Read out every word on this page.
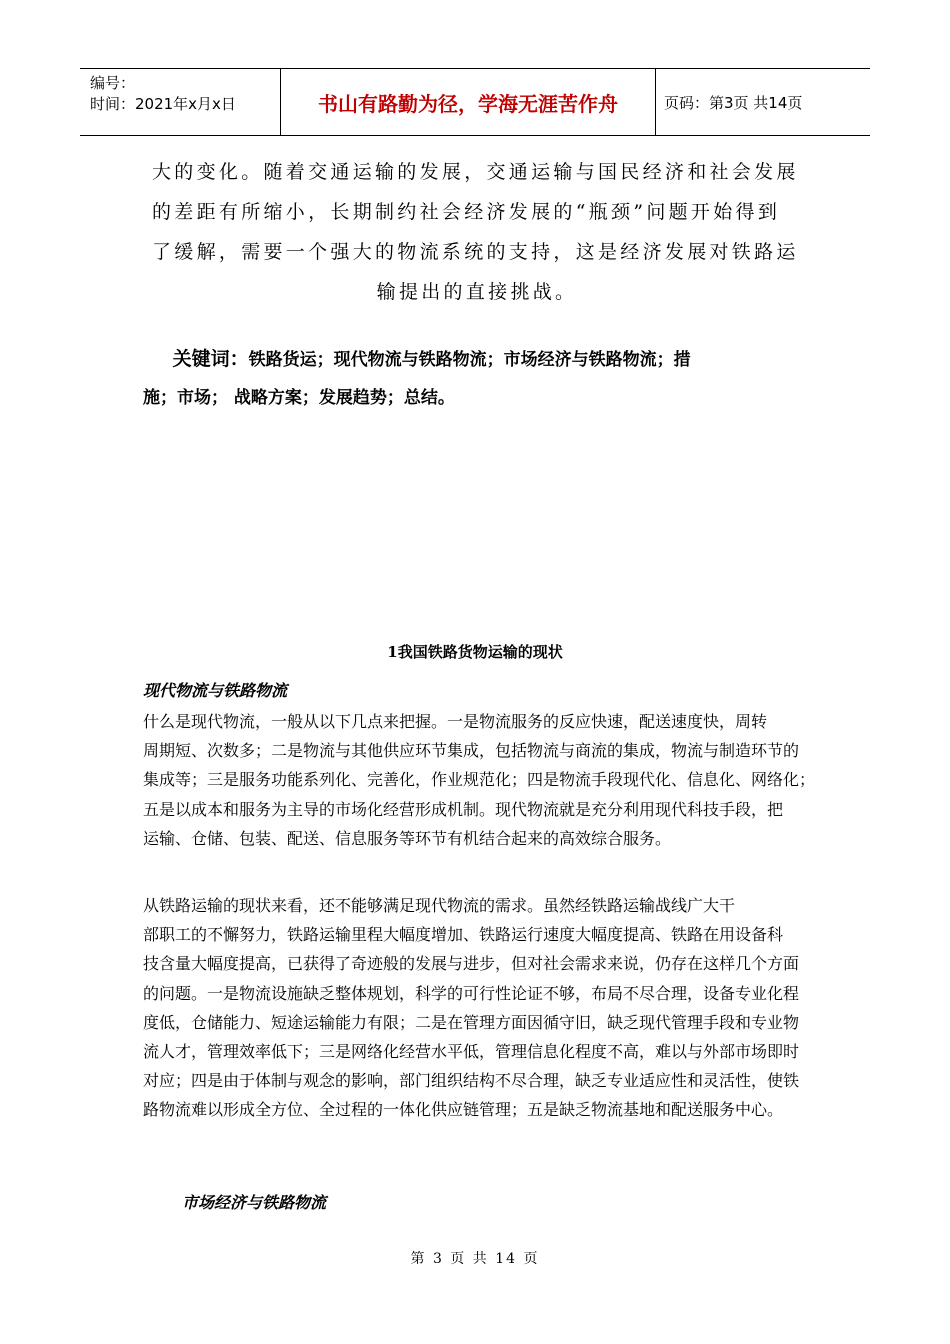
编号：
时间：2021年x月x日	书山有路勤为径，学海无涯苦作舟	页码：第3页 共14页
大的变化。随着交通运输的发展，交通运输与国民经济和社会发展
的差距有所缩小，长期制约社会经济发展的“瓶颈”问题开始得到
了缓解，需要一个强大的物流系统的支持，这是经济发展对铁路运
输提出的直接挑战。
关键词：铁路货运；现代物流与铁路物流；市场经济与铁路物流；措
施；市场； 战略方案；发展趋势；总结。
1我国铁路货物运输的现状
现代物流与铁路物流
什么是现代物流，一般从以下几点来把握。一是物流服务的反应快速，配送速度快，周转
周期短、次数多；二是物流与其他供应环节集成，包括物流与商流的集成，物流与制造环节的
集成等；三是服务功能系列化、完善化，作业规范化；四是物流手段现代化、信息化、网络化；
五是以成本和服务为主导的市场化经营形成机制。现代物流就是充分利用现代科技手段，把
运输、仓储、包装、配送、信息服务等环节有机结合起来的高效综合服务。
从铁路运输的现状来看，还不能够满足现代物流的需求。虽然经铁路运输战线广大干
部职工的不懈努力，铁路运输里程大幅度增加、铁路运行速度大幅度提高、铁路在用设备科
技含量大幅度提高，已获得了奇迹般的发展与进步，但对社会需求来说，仍存在这样几个方面
的问题。一是物流设施缺乏整体规划，科学的可行性论证不够，布局不尽合理，设备专业化程
度低，仓储能力、短途运输能力有限；二是在管理方面因循守旧，缺乏现代管理手段和专业物
流人才，管理效率低下；三是网络化经营水平低，管理信息化程度不高，难以与外部市场即时
对应；四是由于体制与观念的影响，部门组织结构不尽合理，缺乏专业适应性和灵活性，使铁
路物流难以形成全方位、全过程的一体化供应链管理；五是缺乏物流基地和配送服务中心。
市场经济与铁路物流
第 3 页 共 14 页
